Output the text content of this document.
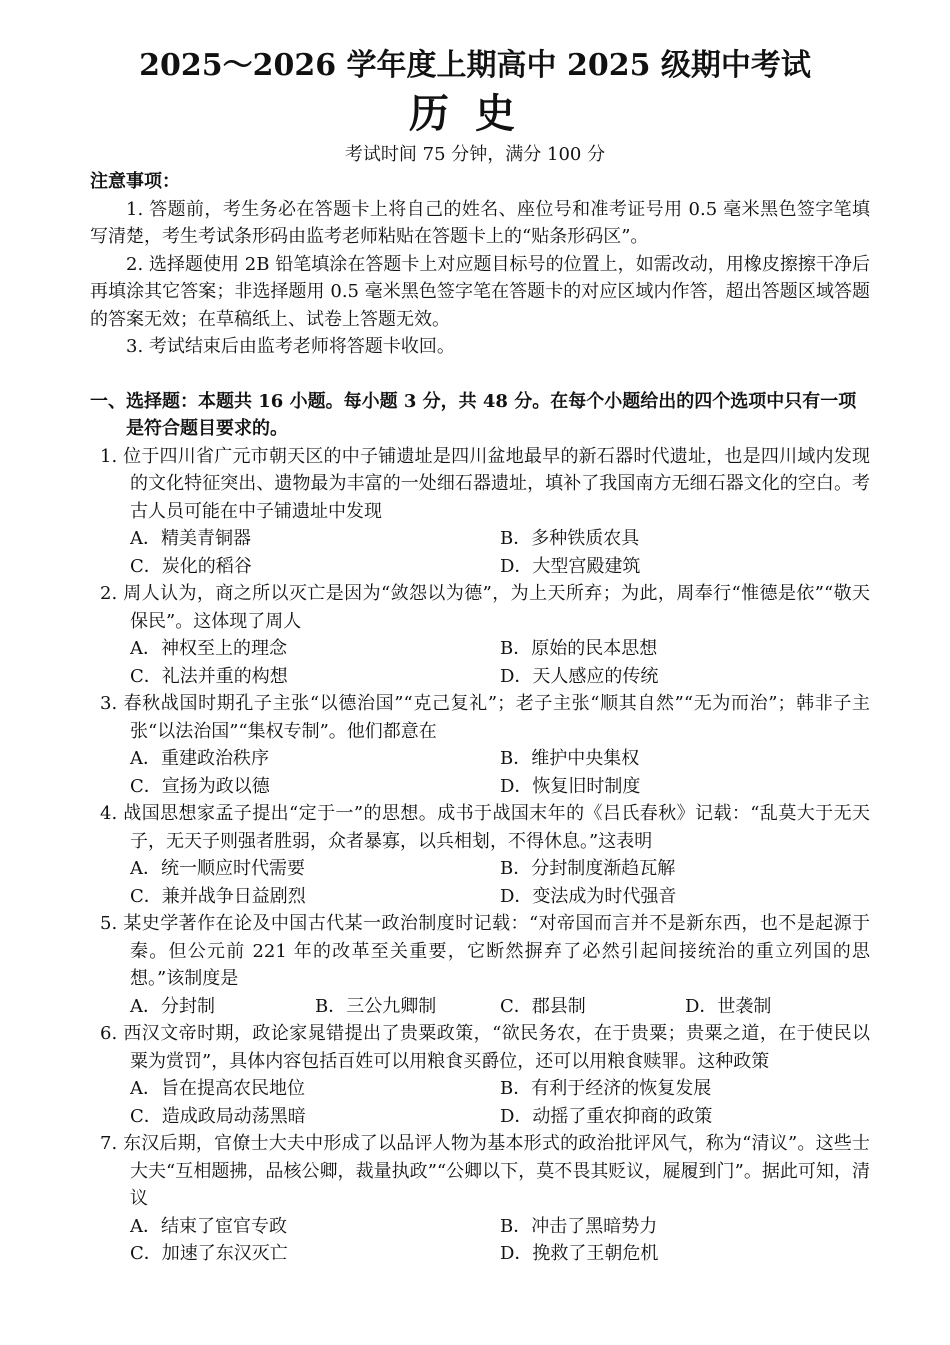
2025～2026 学年度上期高中 2025 级期中考试
历史
考试时间 75 分钟，满分 100 分

注意事项：

1. 答题前，考生务必在答题卡上将自己的姓名、座位号和准考证号用 0.5 毫米黑色签字笔填写清楚，考生考试条形码由监考老师粘贴在答题卡上的“贴条形码区”。

2. 选择题使用 2B 铅笔填涂在答题卡上对应题目标号的位置上，如需改动，用橡皮擦擦干净后再填涂其它答案；非选择题用 0.5 毫米黑色签字笔在答题卡的对应区域内作答，超出答题区域答题的答案无效；在草稿纸上、试卷上答题无效。

3. 考试结束后由监考老师将答题卡收回。

一、选择题：本题共 16 小题。每小题 3 分，共 48 分。在每个小题给出的四个选项中只有一项是符合题目要求的。

1. 位于四川省广元市朝天区的中子铺遗址是四川盆地最早的新石器时代遗址，也是四川域内发现的文化特征突出、遗物最为丰富的一处细石器遗址，填补了我国南方无细石器文化的空白。考古人员可能在中子铺遗址中发现

A．精美青铜器	B．多种铁质农具
C．炭化的稻谷	D．大型宫殿建筑

2. 周人认为，商之所以灭亡是因为“敛怨以为德”，为上天所弃；为此，周奉行“惟德是依”“敬天保民”。这体现了周人

A．神权至上的理念	B．原始的民本思想
C．礼法并重的构想	D．天人感应的传统

3. 春秋战国时期孔子主张“以德治国”“克己复礼”；老子主张“顺其自然”“无为而治”；韩非子主张“以法治国”“集权专制”。他们都意在

A．重建政治秩序	B．维护中央集权
C．宣扬为政以德	D．恢复旧时制度

4. 战国思想家孟子提出“定于一”的思想。成书于战国末年的《吕氏春秋》记载：“乱莫大于无天子，无天子则强者胜弱，众者暴寡，以兵相刬，不得休息。”这表明

A．统一顺应时代需要	B．分封制度渐趋瓦解
C．兼并战争日益剧烈	D．变法成为时代强音

5. 某史学著作在论及中国古代某一政治制度时记载：“对帝国而言并不是新东西，也不是起源于秦。但公元前 221 年的改革至关重要，它断然摒弃了必然引起间接统治的重立列国的思想。”该制度是

A．分封制	B．三公九卿制	C．郡县制	D．世袭制

6. 西汉文帝时期，政论家晁错提出了贵粟政策，“欲民务农，在于贵粟；贵粟之道，在于使民以粟为赏罚”，具体内容包括百姓可以用粮食买爵位，还可以用粮食赎罪。这种政策

A．旨在提高农民地位	B．有利于经济的恢复发展
C．造成政局动荡黑暗	D．动摇了重农抑商的政策

7. 东汉后期，官僚士大夫中形成了以品评人物为基本形式的政治批评风气，称为“清议”。这些士大夫“互相题拂，品核公卿，裁量执政”“公卿以下，莫不畏其贬议，屣履到门”。据此可知，清议

A．结束了宦官专政	B．冲击了黑暗势力
C．加速了东汉灭亡	D．挽救了王朝危机
